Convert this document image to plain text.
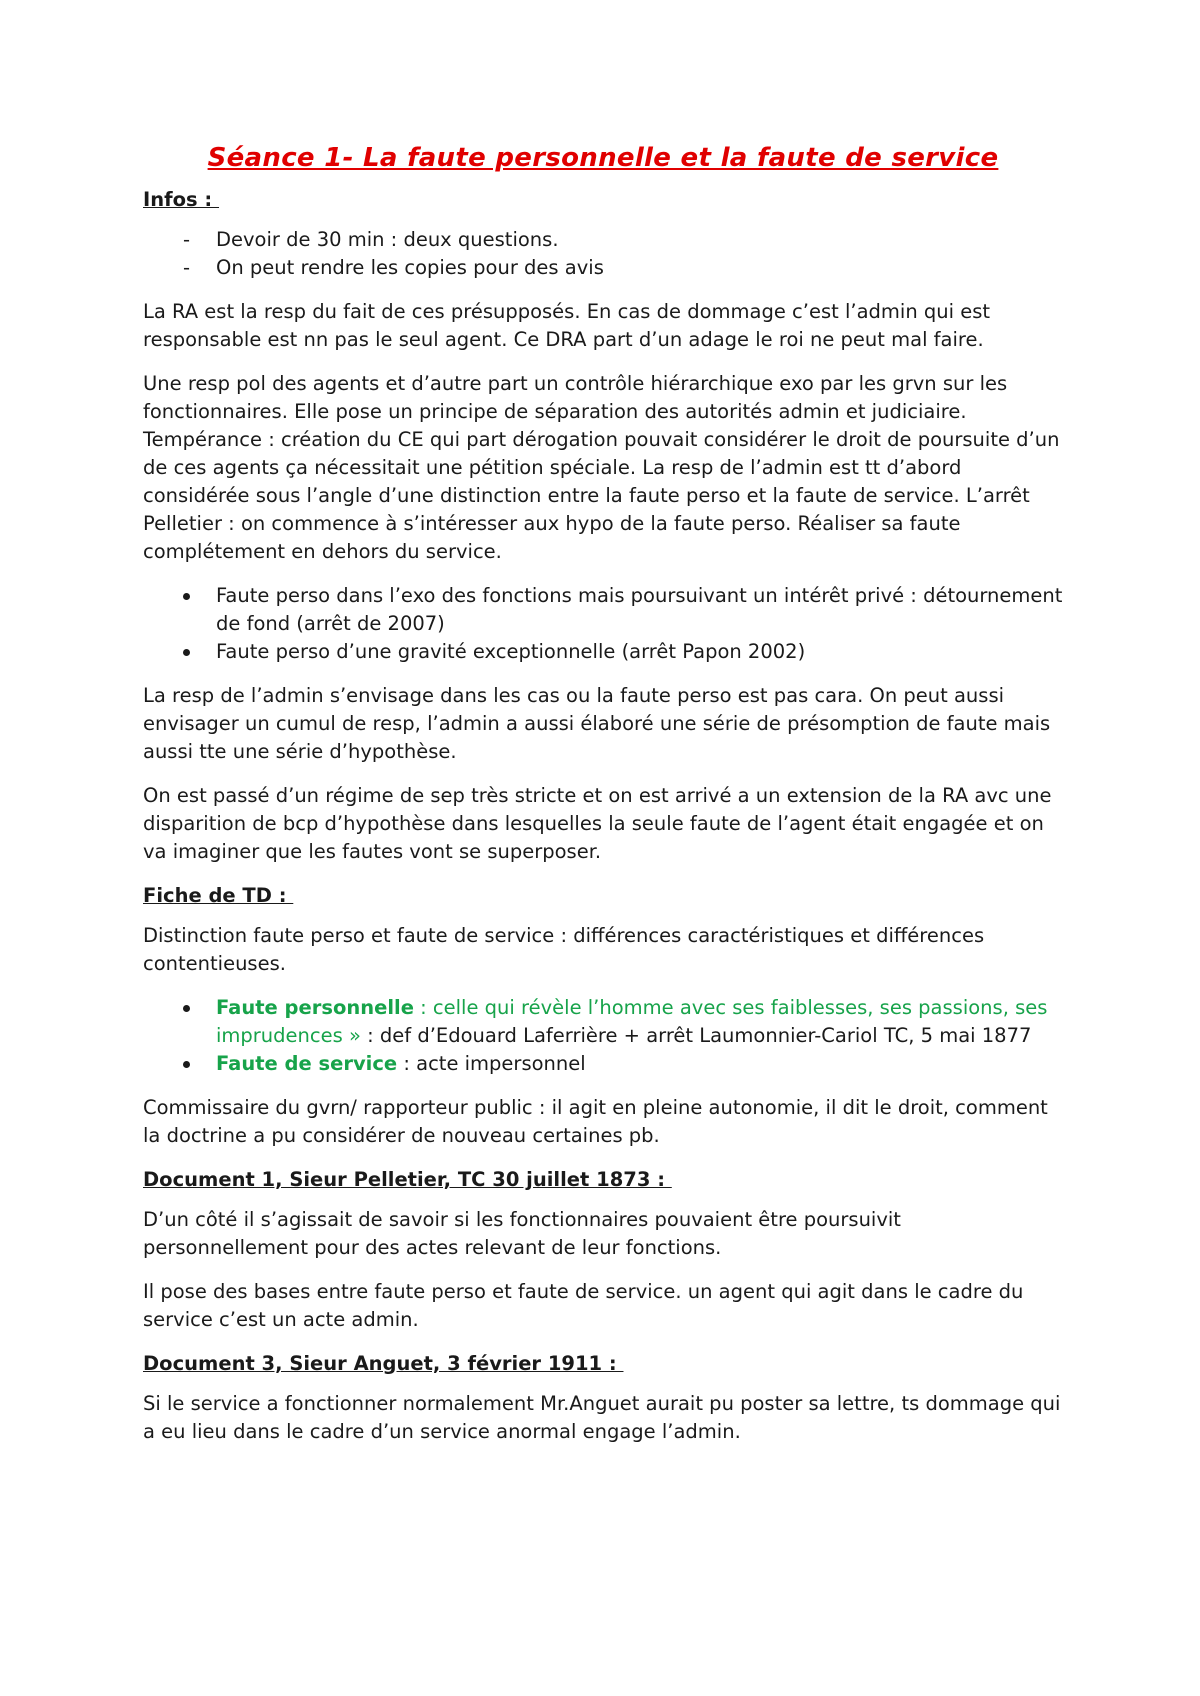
Séance 1- La faute personnelle et la faute de service
Infos :
- Devoir de 30 min : deux questions.
- On peut rendre les copies pour des avis

La RA est la resp du fait de ces présupposés. En cas de dommage c’est l’admin qui est responsable est nn pas le seul agent. Ce DRA part d’un adage le roi ne peut mal faire.

Une resp pol des agents et d’autre part un contrôle hiérarchique exo par les grvn sur les fonctionnaires. Elle pose un principe de séparation des autorités admin et judiciaire. Tempérance : création du CE qui part dérogation pouvait considérer le droit de poursuite d’un de ces agents ça nécessitait une pétition spéciale. La resp de l’admin est tt d’abord considérée sous l’angle d’une distinction entre la faute perso et la faute de service. L’arrêt Pelletier : on commence à s’intéresser aux hypo de la faute perso. Réaliser sa faute complétement en dehors du service.

Faute perso dans l’exo des fonctions mais poursuivant un intérêt privé : détournement de fond (arrêt de 2007)
Faute perso d’une gravité exceptionnelle (arrêt Papon 2002)

La resp de l’admin s’envisage dans les cas ou la faute perso est pas cara. On peut aussi envisager un cumul de resp, l’admin a aussi élaboré une série de présomption de faute mais aussi tte une série d’hypothèse.

On est passé d’un régime de sep très stricte et on est arrivé a un extension de la RA avc une disparition de bcp d’hypothèse dans lesquelles la seule faute de l’agent était engagée et on va imaginer que les fautes vont se superposer.

Fiche de TD :

Distinction faute perso et faute de service : différences caractéristiques et différences contentieuses.

Faute personnelle : celle qui révèle l’homme avec ses faiblesses, ses passions, ses imprudences » : def d’Edouard Laferrière + arrêt Laumonnier-Cariol TC, 5 mai 1877
Faute de service : acte impersonnel

Commissaire du gvrn/ rapporteur public : il agit en pleine autonomie, il dit le droit, comment la doctrine a pu considérer de nouveau certaines pb.

Document 1, Sieur Pelletier, TC 30 juillet 1873 :

D’un côté il s’agissait de savoir si les fonctionnaires pouvaient être poursuivit personnellement pour des actes relevant de leur fonctions.

Il pose des bases entre faute perso et faute de service. un agent qui agit dans le cadre du service c’est un acte admin.

Document 3, Sieur Anguet, 3 février 1911 :

Si le service a fonctionner normalement Mr.Anguet aurait pu poster sa lettre, ts dommage qui a eu lieu dans le cadre d’un service anormal engage l’admin.
